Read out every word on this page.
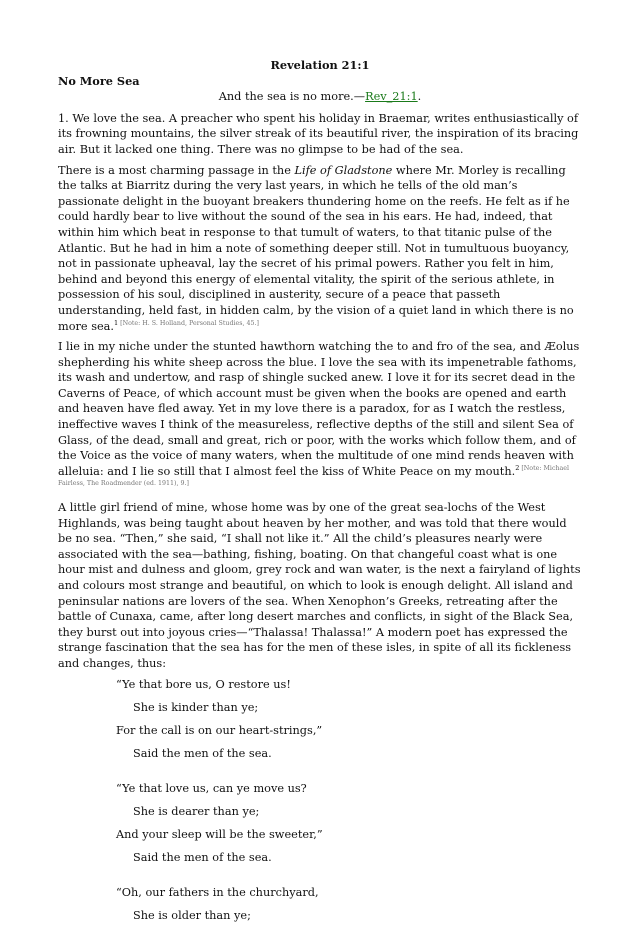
Revelation 21:1

No More Sea

And the sea is no more.—Rev_21:1.

1. We love the sea. A preacher who spent his holiday in Braemar, writes enthusiastically of its frowning mountains, the silver streak of its beautiful river, the inspiration of its bracing air. But it lacked one thing. There was no glimpse to be had of the sea.

There is a most charming passage in the Life of Gladstone where Mr. Morley is recalling the talks at Biarritz during the very last years, in which he tells of the old man’s passionate delight in the buoyant breakers thundering home on the reefs. He felt as if he could hardly bear to live without the sound of the sea in his ears. He had, indeed, that within him which beat in response to that tumult of waters, to that titanic pulse of the Atlantic. But he had in him a note of something deeper still. Not in tumultuous buoyancy, not in passionate upheaval, lay the secret of his primal powers. Rather you felt in him, behind and beyond this energy of elemental vitality, the spirit of the serious athlete, in possession of his soul, disciplined in austerity, secure of a peace that passeth understanding, held fast, in hidden calm, by the vision of a quiet land in which there is no more sea.$^1$ [Note: H. S. Holland, Personal Studies, 45.]

I lie in my niche under the stunted hawthorn watching the to and fro of the sea, and Æolus shepherding his white sheep across the blue. I love the sea with its impenetrable fathoms, its wash and undertow, and rasp of shingle sucked anew. I love it for its secret dead in the Caverns of Peace, of which account must be given when the books are opened and earth and heaven have fled away. Yet in my love there is a paradox, for as I watch the restless, ineffective waves I think of the measureless, reflective depths of the still and silent Sea of Glass, of the dead, small and great, rich or poor, with the works which follow them, and of the Voice as the voice of many waters, when the multitude of one mind rends heaven with alleluia: and I lie so still that I almost feel the kiss of White Peace on my mouth.$^2$ [Note: Michael Fairless, The Roadmender (ed. 1911), 9.]

A little girl friend of mine, whose home was by one of the great sea-lochs of the West Highlands, was being taught about heaven by her mother, and was told that there would be no sea. “Then,” she said, “I shall not like it.” All the child’s pleasures nearly were associated with the sea—bathing, fishing, boating. On that changeful coast what is one hour mist and dulness and gloom, grey rock and wan water, is the next a fairyland of lights and colours most strange and beautiful, on which to look is enough delight. All island and peninsular nations are lovers of the sea. When Xenophon’s Greeks, retreating after the battle of Cunaxa, came, after long desert marches and conflicts, in sight of the Black Sea, they burst out into joyous cries—“Thalassa! Thalassa!” A modern poet has expressed the strange fascination that the sea has for the men of these isles, in spite of all its fickleness and changes, thus:

“Ye that bore us, O restore us!
She is kinder than ye;
For the call is on our heart-strings,”
Said the men of the sea.
“Ye that love us, can ye move us?
She is dearer than ye;
And your sleep will be the sweeter,”
Said the men of the sea.
“Oh, our fathers in the churchyard,
She is older than ye;
